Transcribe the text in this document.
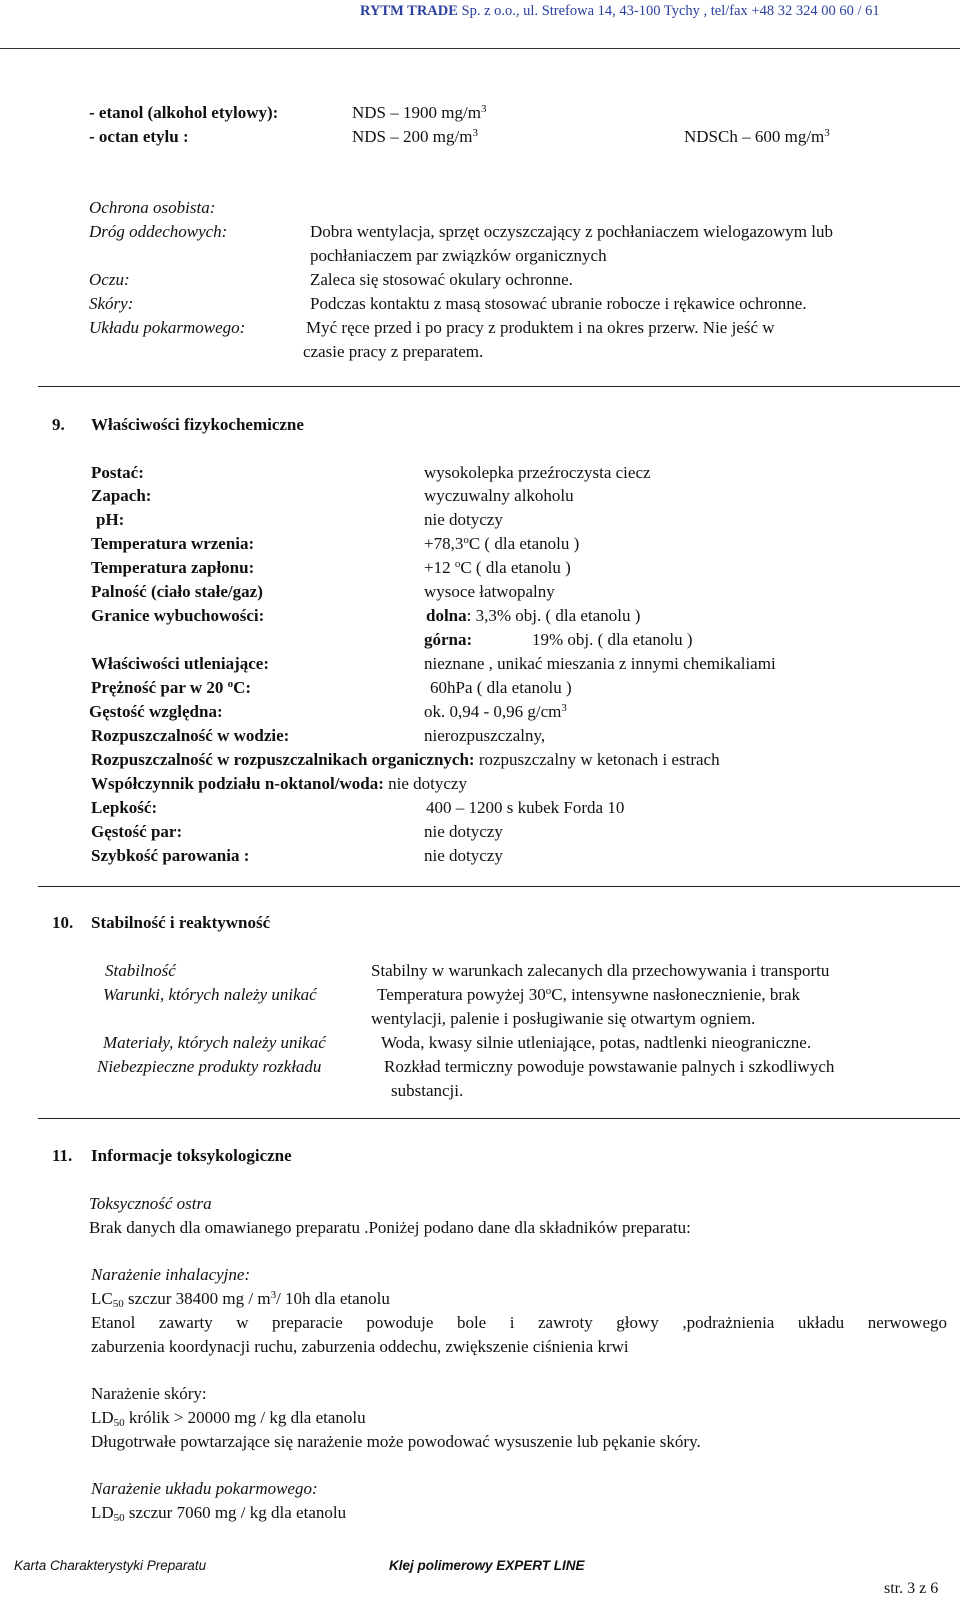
RYTM TRADE Sp. z o.o., ul. Strefowa 14, 43-100 Tychy , tel/fax +48 32 324 00 60 / 61
- etanol (alkohol etylowy):	NDS – 1900 $mg/m^3$
- octan etylu :	NDS – 200 $mg/m^3$	NDSCh – 600 $mg/m^3$
Ochrona osobista:
Dróg oddechowych:	Dobra wentylacja, sprzęt oczyszczający z pochłaniaczem wielogazowym lub
pochłaniaczem par związków organicznych
Oczu:	Zaleca się stosować okulary ochronne.
Skóry:	Podczas kontaktu z masą stosować ubranie robocze i rękawice ochronne.
Układu pokarmowego:	Myć ręce przed i po pracy z produktem i na okres przerw. Nie jeść w
czasie pracy z preparatem.
9. Właściwości fizykochemiczne
Postać:	wysokolepka przeźroczysta ciecz
Zapach:	wyczuwalny alkoholu
pH:	nie dotyczy
Temperatura wrzenia:	$+78,3^oC$ ( dla etanolu )
Temperatura zapłonu:	+12 $^o$C ( dla etanolu )
Palność (ciało stałe/gaz)	wysoce łatwopalny
Granice wybuchowości:	dolna: 3,3% obj. ( dla etanolu )
górna:	19% obj. ( dla etanolu )
Właściwości utleniające:	nieznane , unikać mieszania z innymi chemikaliami
Prężność par w 20 $^o$C:	60hPa ( dla etanolu )
Gęstość względna:	ok. 0,94 - 0,96 $g/cm^3$
Rozpuszczalność w wodzie:	nierozpuszczalny,
Rozpuszczalność w rozpuszczalnikach organicznych: rozpuszczalny w ketonach i estrach
Współczynnik podziału n-oktanol/woda: nie dotyczy
Lepkość:	400 – 1200 s kubek Forda 10
Gęstość par:	nie dotyczy
Szybkość parowania :	nie dotyczy
10. Stabilność i reaktywność
Stabilność	Stabilny w warunkach zalecanych dla przechowywania i transportu
Warunki, których należy unikać	Temperatura powyżej 30$^o$C, intensywne nasłonecznienie, brak
wentylacji, palenie i posługiwanie się otwartym ogniem.
Materiały, których należy unikać	Woda, kwasy silnie utleniające, potas, nadtlenki nieograniczne.
Niebezpieczne produkty rozkładu	Rozkład termiczny powoduje powstawanie palnych i szkodliwych
substancji.
11. Informacje toksykologiczne
Toksyczność ostra
Brak danych dla omawianego preparatu .Poniżej podano dane dla składników preparatu:
Narażenie inhalacyjne:
$LC_{50}$ szczur 38400 mg / $m^3/$ 10h dla etanolu
Etanol zawarty w preparacie powoduje bole i zawroty głowy ,podrażnienia układu nerwowego
zaburzenia koordynacji ruchu, zaburzenia oddechu, zwiększenie ciśnienia krwi
Narażenie skóry:
$LD_{50}$ królik > 20000 mg / kg dla etanolu
Długotrwałe powtarzające się narażenie może powodować wysuszenie lub pękanie skóry.
Narażenie układu pokarmowego:
$LD_{50}$ szczur 7060 mg / kg dla etanolu
Karta Charakterystyki Preparatu	Klej polimerowy EXPERT LINE
str. 3 z 6
